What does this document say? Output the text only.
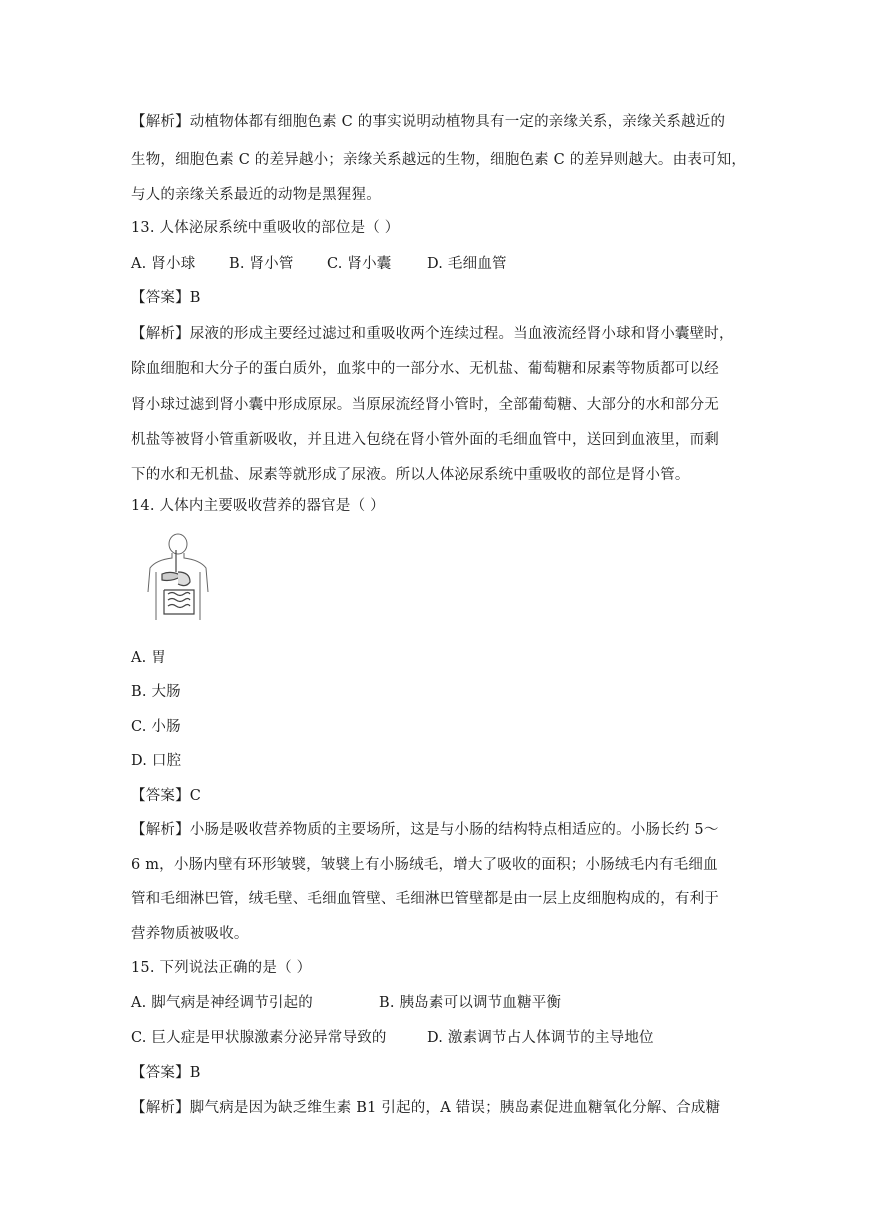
【解析】动植物体都有细胞色素 C 的事实说明动植物具有一定的亲缘关系，亲缘关系越近的
生物，细胞色素 C 的差异越小；亲缘关系越远的生物，细胞色素 C 的差异则越大。由表可知，
与人的亲缘关系最近的动物是黑猩猩。
13. 人体泌尿系统中重吸收的部位是（ ）
A. 肾小球 B. 肾小管 C. 肾小囊 D. 毛细血管
【答案】B
【解析】尿液的形成主要经过滤过和重吸收两个连续过程。当血液流经肾小球和肾小囊壁时，
除血细胞和大分子的蛋白质外，血浆中的一部分水、无机盐、葡萄糖和尿素等物质都可以经
肾小球过滤到肾小囊中形成原尿。当原尿流经肾小管时，全部葡萄糖、大部分的水和部分无
机盐等被肾小管重新吸收，并且进入包绕在肾小管外面的毛细血管中，送回到血液里，而剩
下的水和无机盐、尿素等就形成了尿液。所以人体泌尿系统中重吸收的部位是肾小管。
14. 人体内主要吸收营养的器官是（ ）
A. 胃
B. 大肠
C. 小肠
D. 口腔
【答案】C
【解析】小肠是吸收营养物质的主要场所，这是与小肠的结构特点相适应的。小肠长约 5～
6 m，小肠内壁有环形皱襞，皱襞上有小肠绒毛，增大了吸收的面积；小肠绒毛内有毛细血
管和毛细淋巴管，绒毛壁、毛细血管壁、毛细淋巴管壁都是由一层上皮细胞构成的，有利于
营养物质被吸收。
15. 下列说法正确的是（ ）
A. 脚气病是神经调节引起的	B. 胰岛素可以调节血糖平衡
C. 巨人症是甲状腺激素分泌异常导致的	D. 激素调节占人体调节的主导地位
【答案】B
【解析】脚气病是因为缺乏维生素 B1 引起的，A 错误；胰岛素促进血糖氧化分解、合成糖
